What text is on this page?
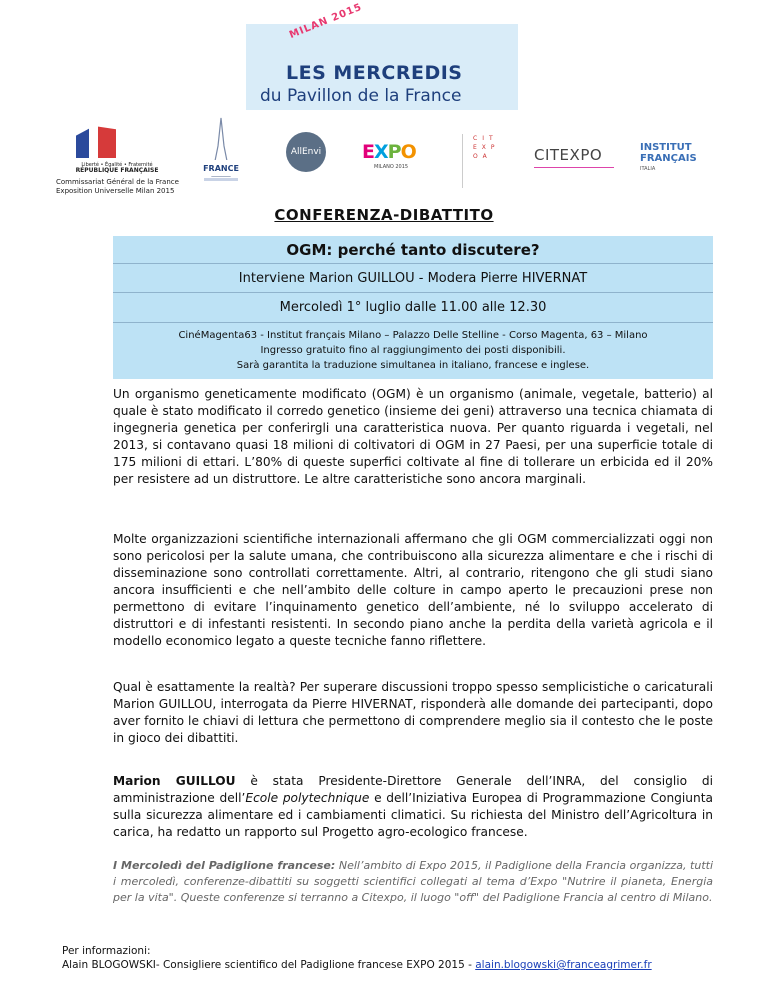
MILAN 2015
LES MERCREDIS
du Pavillon de la France
Liberté • Égalité • Fraternité
RÉPUBLIQUE FRANÇAISE
Commissariat Général de la France Exposition Universelle Milan 2015
FRANCE
AllEnvi EXPO
MILANO 2015
CIT EXP OA	CITEXPO	INSTITUT
FRANÇAIS
ITALIA
CONFERENZA-DIBATTITO
OGM: perché tanto discutere?
Interviene Marion GUILLOU - Modera Pierre HIVERNAT
Mercoledì 1° luglio dalle 11.00 alle 12.30
CinéMagenta63 - Institut français Milano – Palazzo Delle Stelline - Corso Magenta, 63 – Milano
Ingresso gratuito fino al raggiungimento dei posti disponibili.
Sarà garantita la traduzione simultanea in italiano, francese e inglese.

Un organismo geneticamente modificato (OGM) è un organismo (animale, vegetale, batterio) al quale è stato modificato il corredo genetico (insieme dei geni) attraverso una tecnica chiamata di ingegneria genetica per conferirgli una caratteristica nuova. Per quanto riguarda i vegetali, nel 2013, si contavano quasi 18 milioni di coltivatori di OGM in 27 Paesi, per una superficie totale di 175 milioni di ettari. L’80% di queste superfici coltivate al fine di tollerare un erbicida ed il 20% per resistere ad un distruttore. Le altre caratteristiche sono ancora marginali.

Molte organizzazioni scientifiche internazionali affermano che gli OGM commercializzati oggi non sono pericolosi per la salute umana, che contribuiscono alla sicurezza alimentare e che i rischi di disseminazione sono controllati correttamente. Altri, al contrario, ritengono che gli studi siano ancora insufficienti e che nell’ambito delle colture in campo aperto le precauzioni prese non permettono di evitare l’inquinamento genetico dell’ambiente, né lo sviluppo accelerato di distruttori e di infestanti resistenti. In secondo piano anche la perdita della varietà agricola e il modello economico legato a queste tecniche fanno riflettere.

Qual è esattamente la realtà? Per superare discussioni troppo spesso semplicistiche o caricaturali Marion GUILLOU, interrogata da Pierre HIVERNAT, risponderà alle domande dei partecipanti, dopo aver fornito le chiavi di lettura che permettono di comprendere meglio sia il contesto che le poste in gioco dei dibattiti.

Marion GUILLOU è stata Presidente-Direttore Generale dell’INRA, del consiglio di amministrazione dell’Ecole polytechnique e dell’Iniziativa Europea di Programmazione Congiunta sulla sicurezza alimentare ed i cambiamenti climatici. Su richiesta del Ministro dell’Agricoltura in carica, ha redatto un rapporto sul Progetto agro-ecologico francese.

I Mercoledì del Padiglione francese: Nell’ambito di Expo 2015, il Padiglione della Francia organizza, tutti i mercoledì, conferenze-dibattiti su soggetti scientifici collegati al tema d’Expo "Nutrire il pianeta, Energia per la vita". Queste conferenze si terranno a Citexpo, il luogo "off" del Padiglione Francia al centro di Milano.
Per informazioni:
Alain BLOGOWSKI- Consigliere scientifico del Padiglione francese EXPO 2015 - alain.blogowski@franceagrimer.fr
